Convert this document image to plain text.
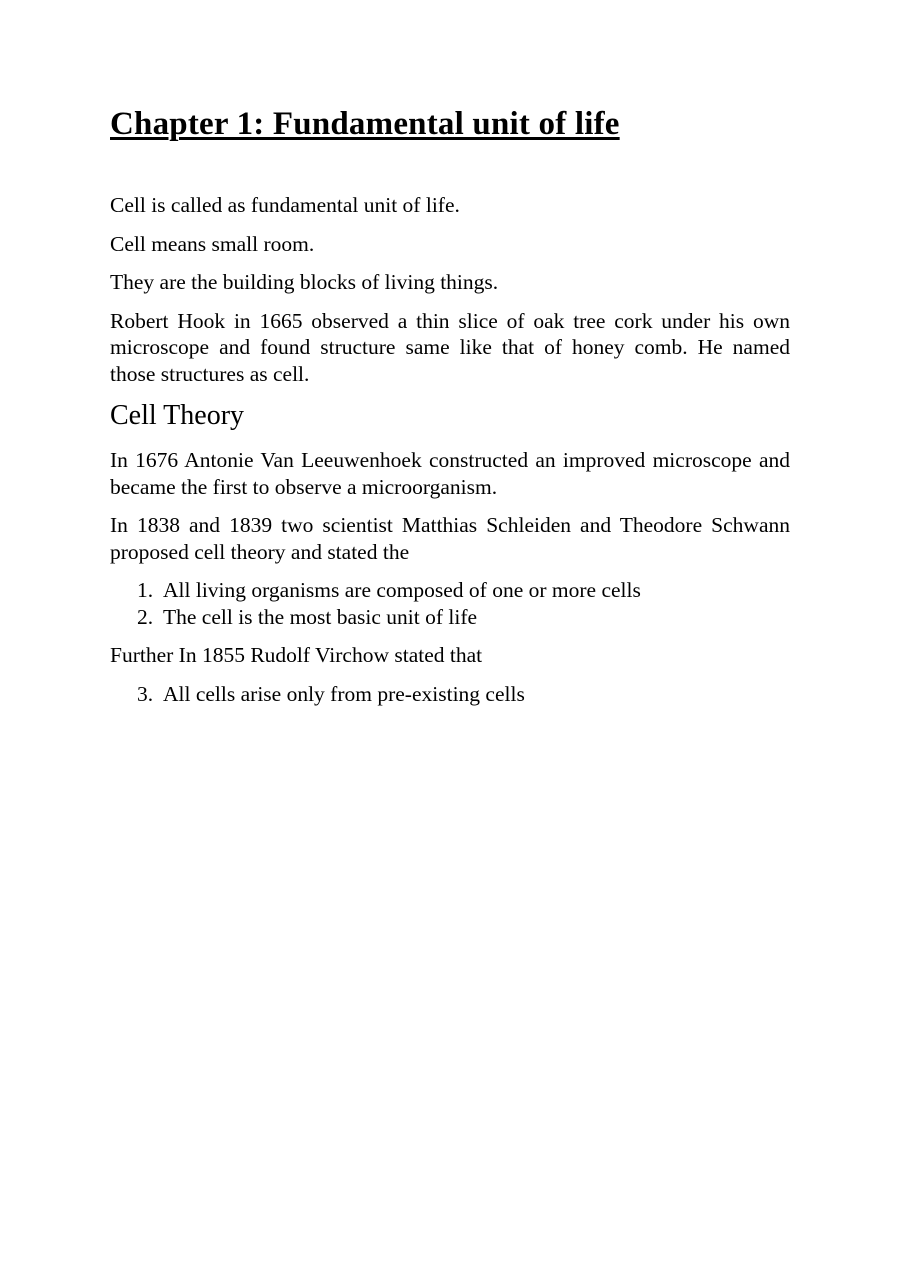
Chapter 1: Fundamental unit of life

Cell is called as fundamental unit of life.

Cell means small room.

They are the building blocks of living things.

Robert Hook in 1665 observed a thin slice of oak tree cork under his own microscope and found structure same like that of honey comb. He named those structures as cell.

Cell Theory

In 1676 Antonie Van Leeuwenhoek constructed an improved microscope and became the first to observe a microorganism.

In 1838 and 1839 two scientist Matthias Schleiden and Theodore Schwann proposed cell theory and stated the

1. All living organisms are composed of one or more cells
2. The cell is the most basic unit of life

Further In 1855 Rudolf Virchow stated that

3. All cells arise only from pre-existing cells
